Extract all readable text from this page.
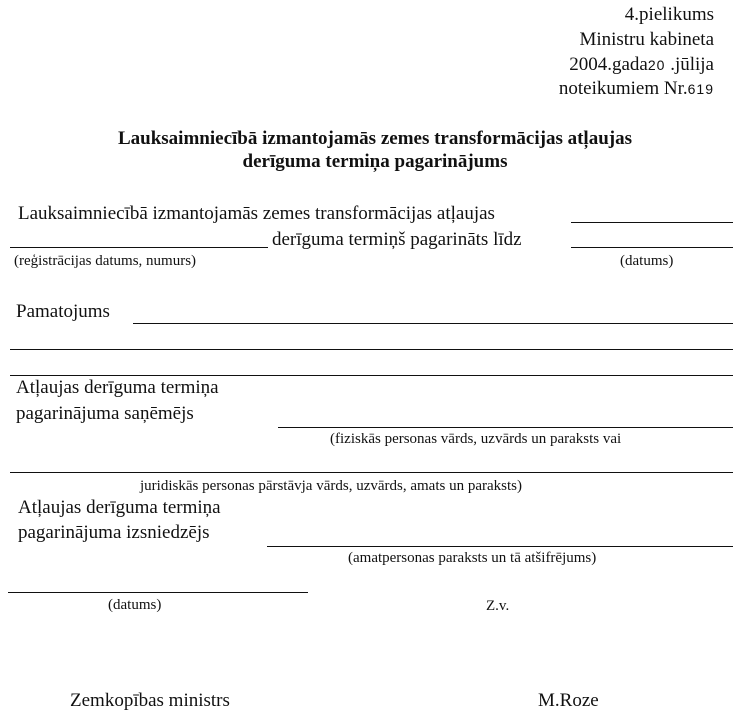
4.pielikums
Ministru kabineta
2004.gada20 .jūlija
noteikumiem Nr.619
Lauksaimniecībā izmantojamās zemes transformācijas atļaujas
derīguma termiņa pagarinājums
Lauksaimniecībā izmantojamās zemes transformācijas atļaujas
derīguma termiņš pagarināts līdz
(reģistrācijas datums, numurs)	(datums)
Pamatojums
Atļaujas derīguma termiņa
pagarinājuma saņēmējs
(fiziskās personas vārds, uzvārds un paraksts vai
juridiskās personas pārstāvja vārds, uzvārds, amats un paraksts)
Atļaujas derīguma termiņa
pagarinājuma izsniedzējs
(amatpersonas paraksts un tā atšifrējums)
(datums)	Z.v.
Zemkopības ministrs	M.Roze
